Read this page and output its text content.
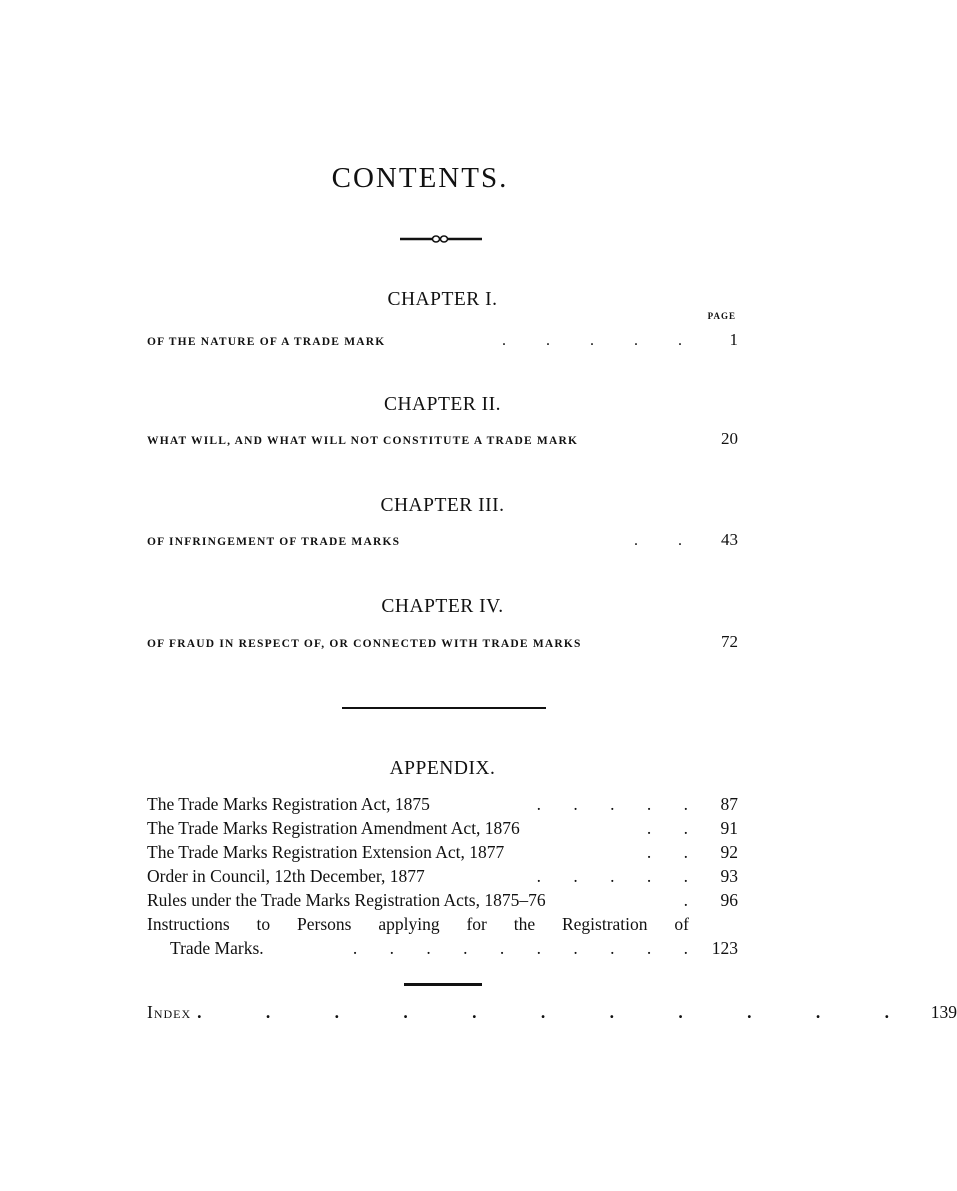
CONTENTS.
CHAPTER I.
PAGE
OF THE NATURE OF A TRADE MARK	. . . . .	1
CHAPTER II.
WHAT WILL, AND WHAT WILL NOT CONSTITUTE A TRADE MARK	20
CHAPTER III.
OF INFRINGEMENT OF TRADE MARKS	. .	43
CHAPTER IV.
OF FRAUD IN RESPECT OF, OR CONNECTED WITH TRADE MARKS	72
APPENDIX.
The Trade Marks Registration Act, 1875	. . . . .	87
The Trade Marks Registration Amendment Act, 1876	. .	91
The Trade Marks Registration Extension Act, 1877	. .	92
Order in Council, 12th December, 1877	. . . . .	93
Rules under the Trade Marks Registration Acts, 1875–76	.	96
Instructions to Persons applying for the Registration of
Trade Marks.	. . . . . . . . . . 123
Index . . . . . . . . . . . 139
